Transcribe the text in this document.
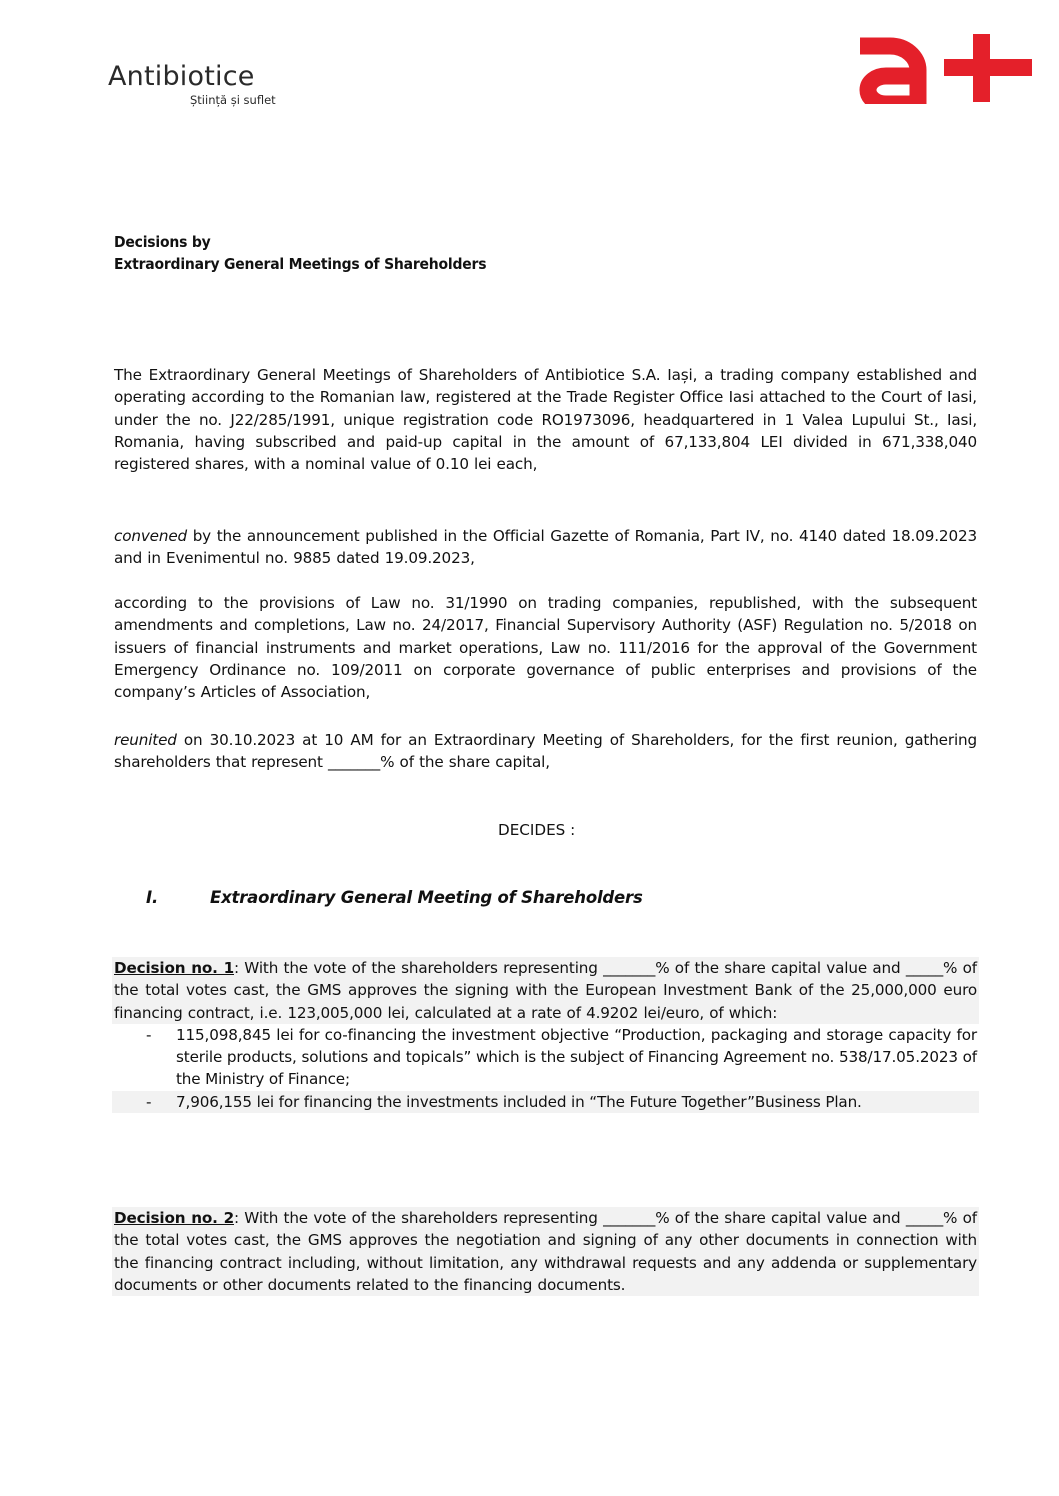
Antibiotice
Știință și suflet
Decisions by
Extraordinary General Meetings of Shareholders
The Extraordinary General Meetings of Shareholders of Antibiotice S.A. Iași, a trading company established and operating according to the Romanian law, registered at the Trade Register Office Iasi attached to the Court of Iasi, under the no. J22/285/1991, unique registration code RO1973096, headquartered in 1 Valea Lupului St., Iasi, Romania, having subscribed and paid-up capital in the amount of 67,133,804 LEI divided in 671,338,040 registered shares, with a nominal value of 0.10 lei each,
convened by the announcement published in the Official Gazette of Romania, Part IV, no. 4140 dated 18.09.2023 and in Evenimentul no. 9885 dated 19.09.2023,
according to the provisions of Law no. 31/1990 on trading companies, republished, with the subsequent amendments and completions, Law no. 24/2017, Financial Supervisory Authority (ASF) Regulation no. 5/2018 on issuers of financial instruments and market operations, Law no. 111/2016 for the approval of the Government Emergency Ordinance no. 109/2011 on corporate governance of public enterprises and provisions of the company’s Articles of Association,
reunited on 30.10.2023 at 10 AM for an Extraordinary Meeting of Shareholders, for the first reunion, gathering shareholders that represent _______% of the share capital,
DECIDES :
I.	Extraordinary General Meeting of Shareholders
Decision no. 1: With the vote of the shareholders representing _______% of the share capital value and _____% of the total votes cast, the GMS approves the signing with the European Investment Bank of the 25,000,000 euro financing contract, i.e. 123,005,000 lei, calculated at a rate of 4.9202 lei/euro, of which:
- 115,098,845 lei for co-financing the investment objective “Production, packaging and storage capacity for sterile products, solutions and topicals” which is the subject of Financing Agreement no. 538/17.05.2023 of the Ministry of Finance;
- 7,906,155 lei for financing the investments included in “The Future Together”Business Plan.
Decision no. 2: With the vote of the shareholders representing _______% of the share capital value and _____% of the total votes cast, the GMS approves the negotiation and signing of any other documents in connection with the financing contract including, without limitation, any withdrawal requests and any addenda or supplementary documents or other documents related to the financing documents.
